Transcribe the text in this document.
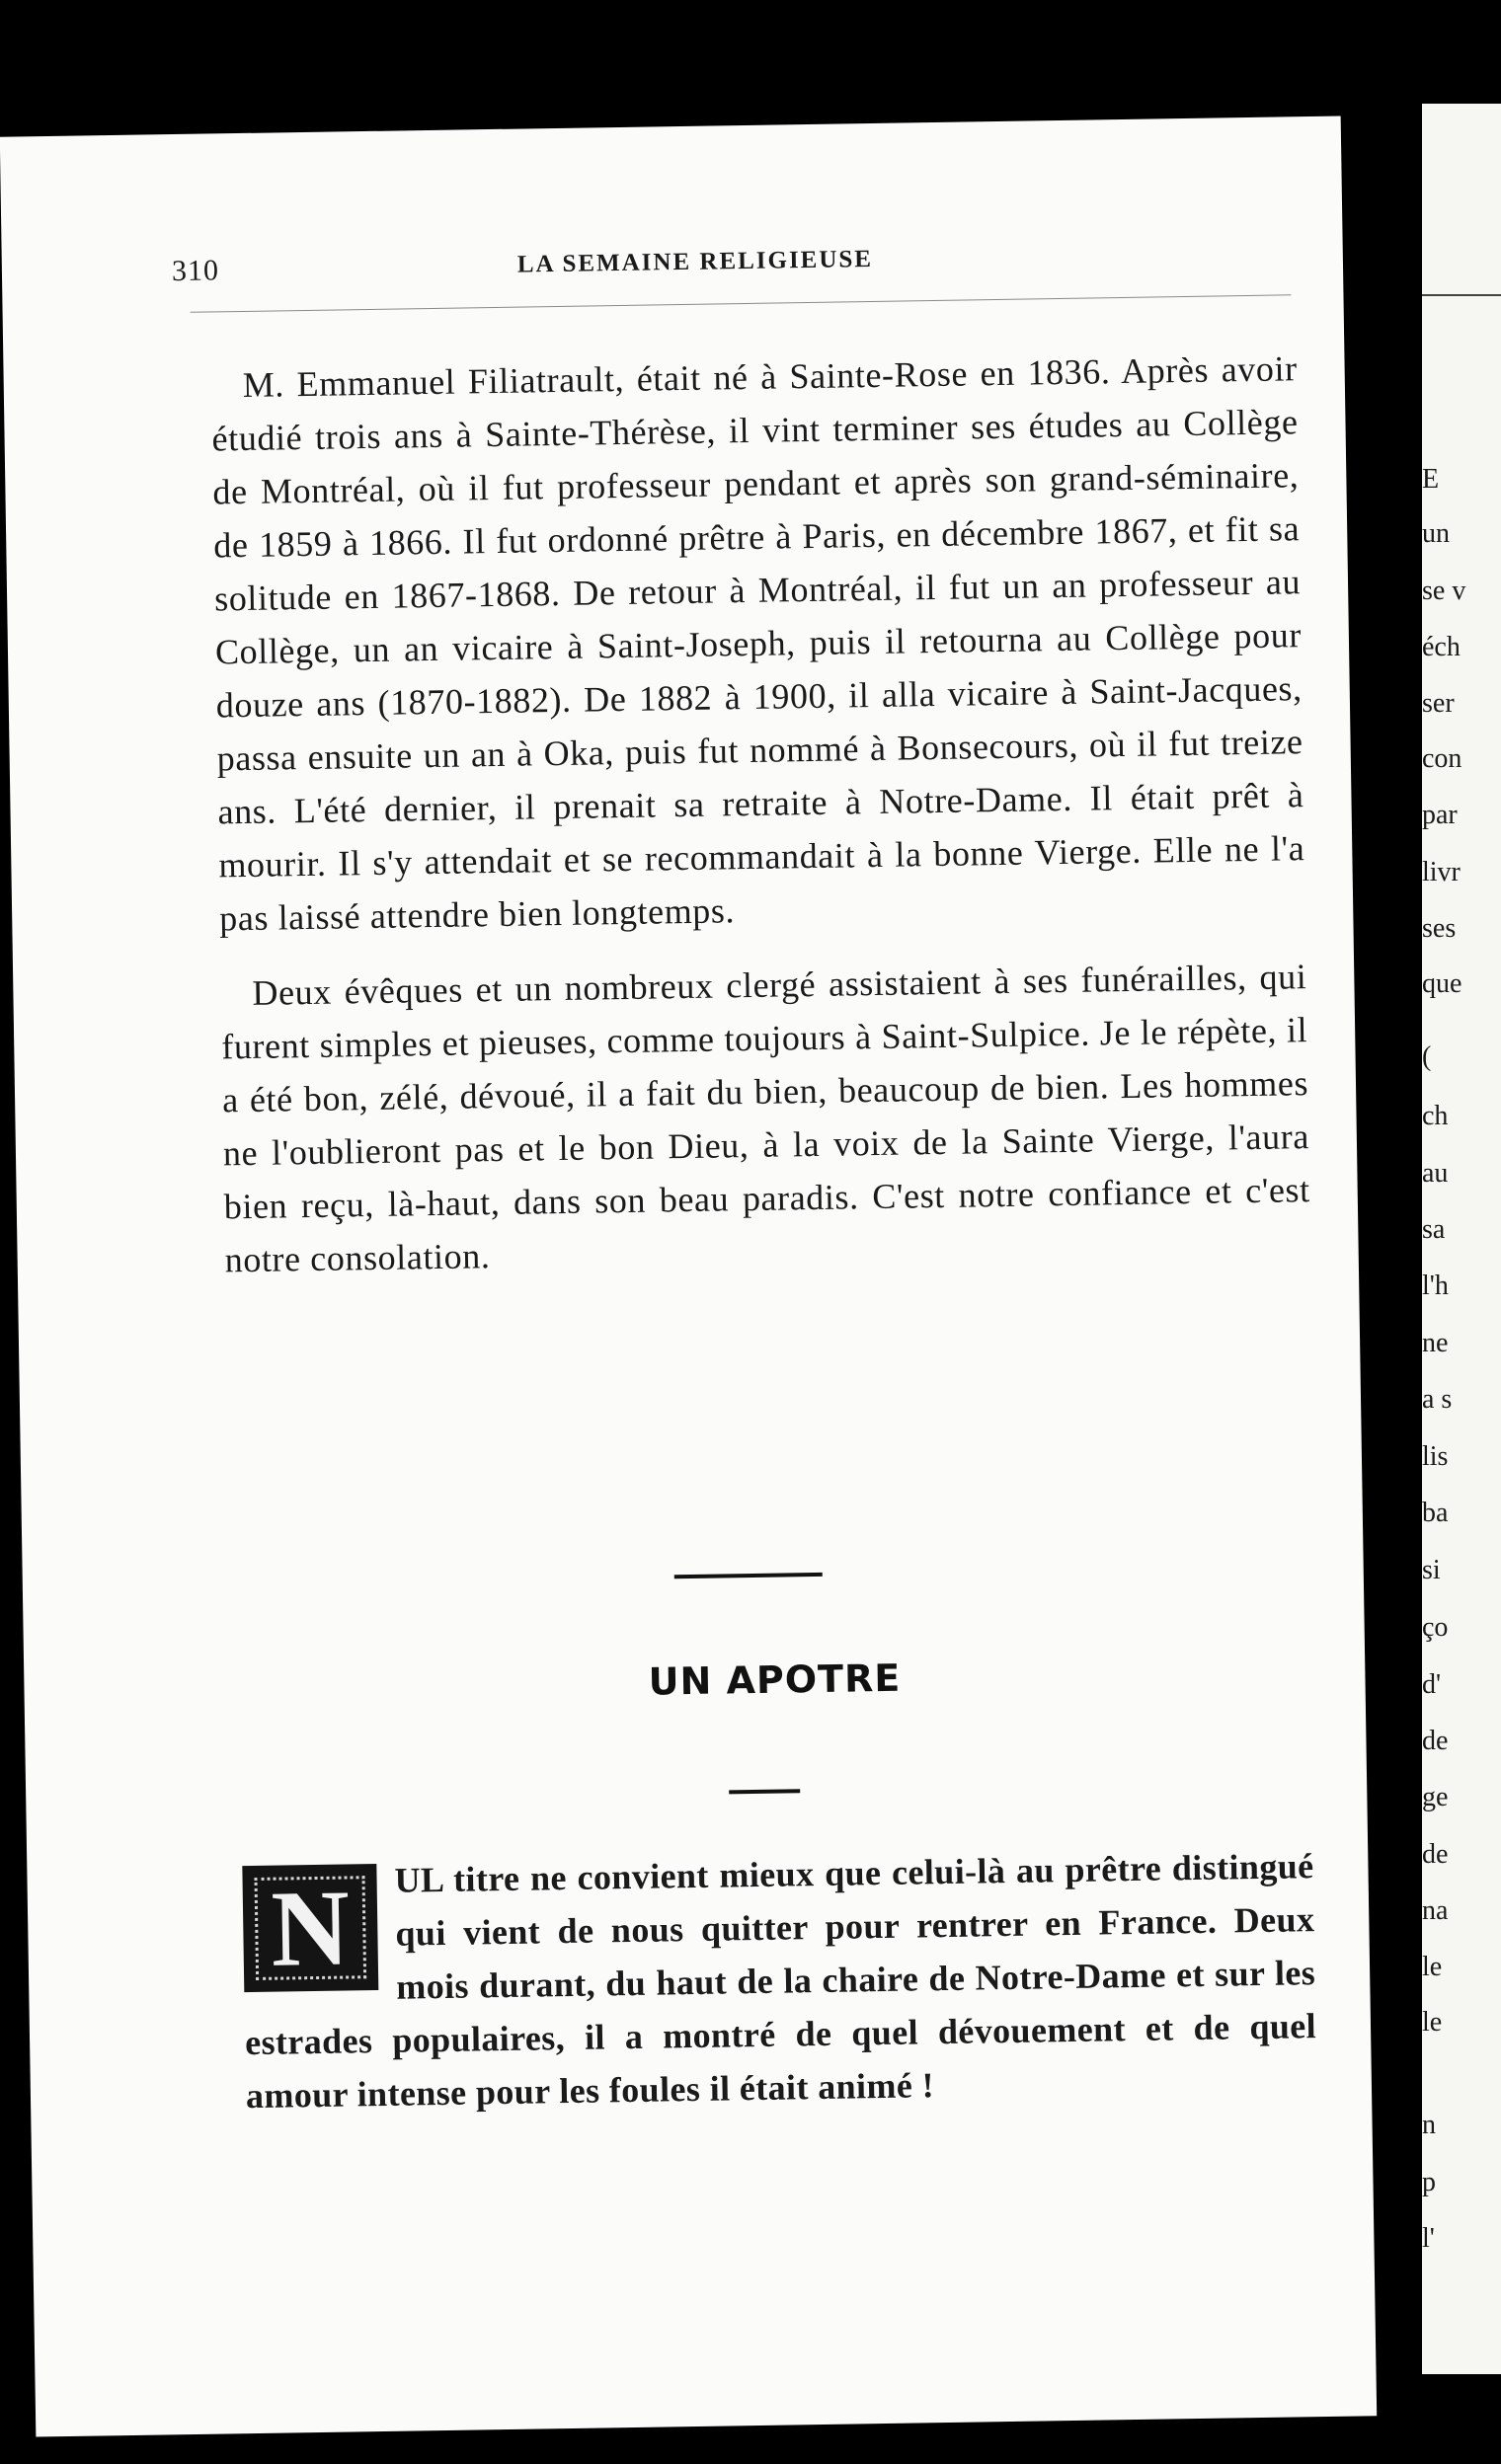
310	LA SEMAINE RELIGIEUSE

M. Emmanuel Filiatrault, était né à Sainte-Rose en 1836. Après avoir étudié trois ans à Sainte-Thérèse, il vint terminer ses études au Collège de Montréal, où il fut professeur pendant et après son grand-séminaire, de 1859 à 1866. Il fut ordonné prêtre à Paris, en décembre 1867, et fit sa solitude en 1867-1868. De retour à Montréal, il fut un an professeur au Collège, un an vicaire à Saint-Joseph, puis il retourna au Collège pour douze ans (1870-1882). De 1882 à 1900, il alla vicaire à Saint-Jacques, passa ensuite un an à Oka, puis fut nommé à Bonsecours, où il fut treize ans. L'été dernier, il prenait sa retraite à Notre-Dame. Il était prêt à mourir. Il s'y attendait et se recommandait à la bonne Vierge. Elle ne l'a pas laissé attendre bien longtemps.

Deux évêques et un nombreux clergé assistaient à ses funérailles, qui furent simples et pieuses, comme toujours à Saint-Sulpice. Je le répète, il a été bon, zélé, dévoué, il a fait du bien, beaucoup de bien. Les hommes ne l'oublieront pas et le bon Dieu, à la voix de la Sainte Vierge, l'aura bien reçu, là-haut, dans son beau paradis. C'est notre confiance et c'est notre consolation.

UN APOTRE
N	UL titre ne convient mieux que celui-là au prêtre distingué qui vient de nous quitter pour rentrer en France. Deux mois durant, du haut de la chaire de Notre-Dame et sur les estrades populaires, il a montré de quel dévouement et de quel amour intense pour les foules il était animé !

E
un
se v
éch
ser
con
par
livr
ses
que
(
ch
au
sa
l'h
ne
a s
lis
ba
si
ço
d'
de
ge
de
na
le
le
n
p
l'
